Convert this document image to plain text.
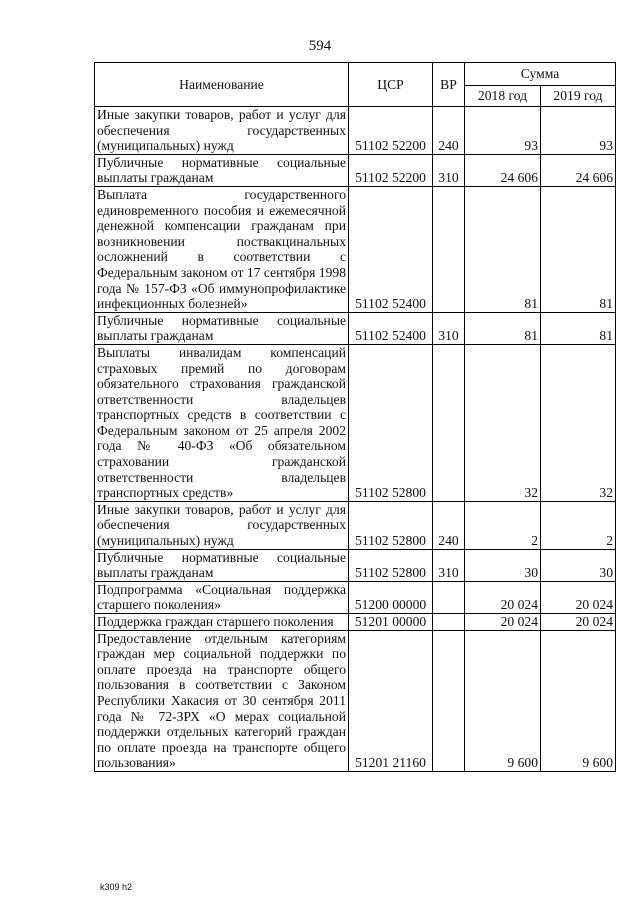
594
Наименование	ЦСР	ВР	Сумма	
			2018 год	2019 год
Иные закупки товаров, работ и услуг для обеспечения государственных (муниципальных) нужд	51102 52200	240	93	93
Публичные нормативные социальные выплаты гражданам	51102 52200	310	24 606	24 606
Выплата государственного единовременного пособия и ежемесячной денежной компенсации гражданам при возникновении поствакцинальных осложнений в соответствии с Федеральным законом от 17 сентября 1998 года № 157-ФЗ «Об иммунопрофилактике инфекционных болезней»	51102 52400		81	81
Публичные нормативные социальные выплаты гражданам	51102 52400	310	81	81
Выплаты инвалидам компенсаций страховых премий по договорам обязательного страхования гражданской ответственности владельцев транспортных средств в соответствии с Федеральным законом от 25 апреля 2002 года № 40-ФЗ «Об обязательном страховании гражданской ответственности владельцев транспортных средств»	51102 52800		32	32
Иные закупки товаров, работ и услуг для обеспечения государственных (муниципальных) нужд	51102 52800	240	2	2
Публичные нормативные социальные выплаты гражданам	51102 52800	310	30	30
Подпрограмма «Социальная поддержка старшего поколения»	51200 00000		20 024	20 024
Поддержка граждан старшего поколения	51201 00000		20 024	20 024
Предоставление отдельным категориям граждан мер социальной поддержки по оплате проезда на транспорте общего пользования в соответствии с Законом Республики Хакасия от 30 сентября 2011 года № 72-ЗРХ «О мерах социальной поддержки отдельных категорий граждан по оплате проезда на транспорте общего пользования»	51201 21160		9 600	9 600
k309 h2
